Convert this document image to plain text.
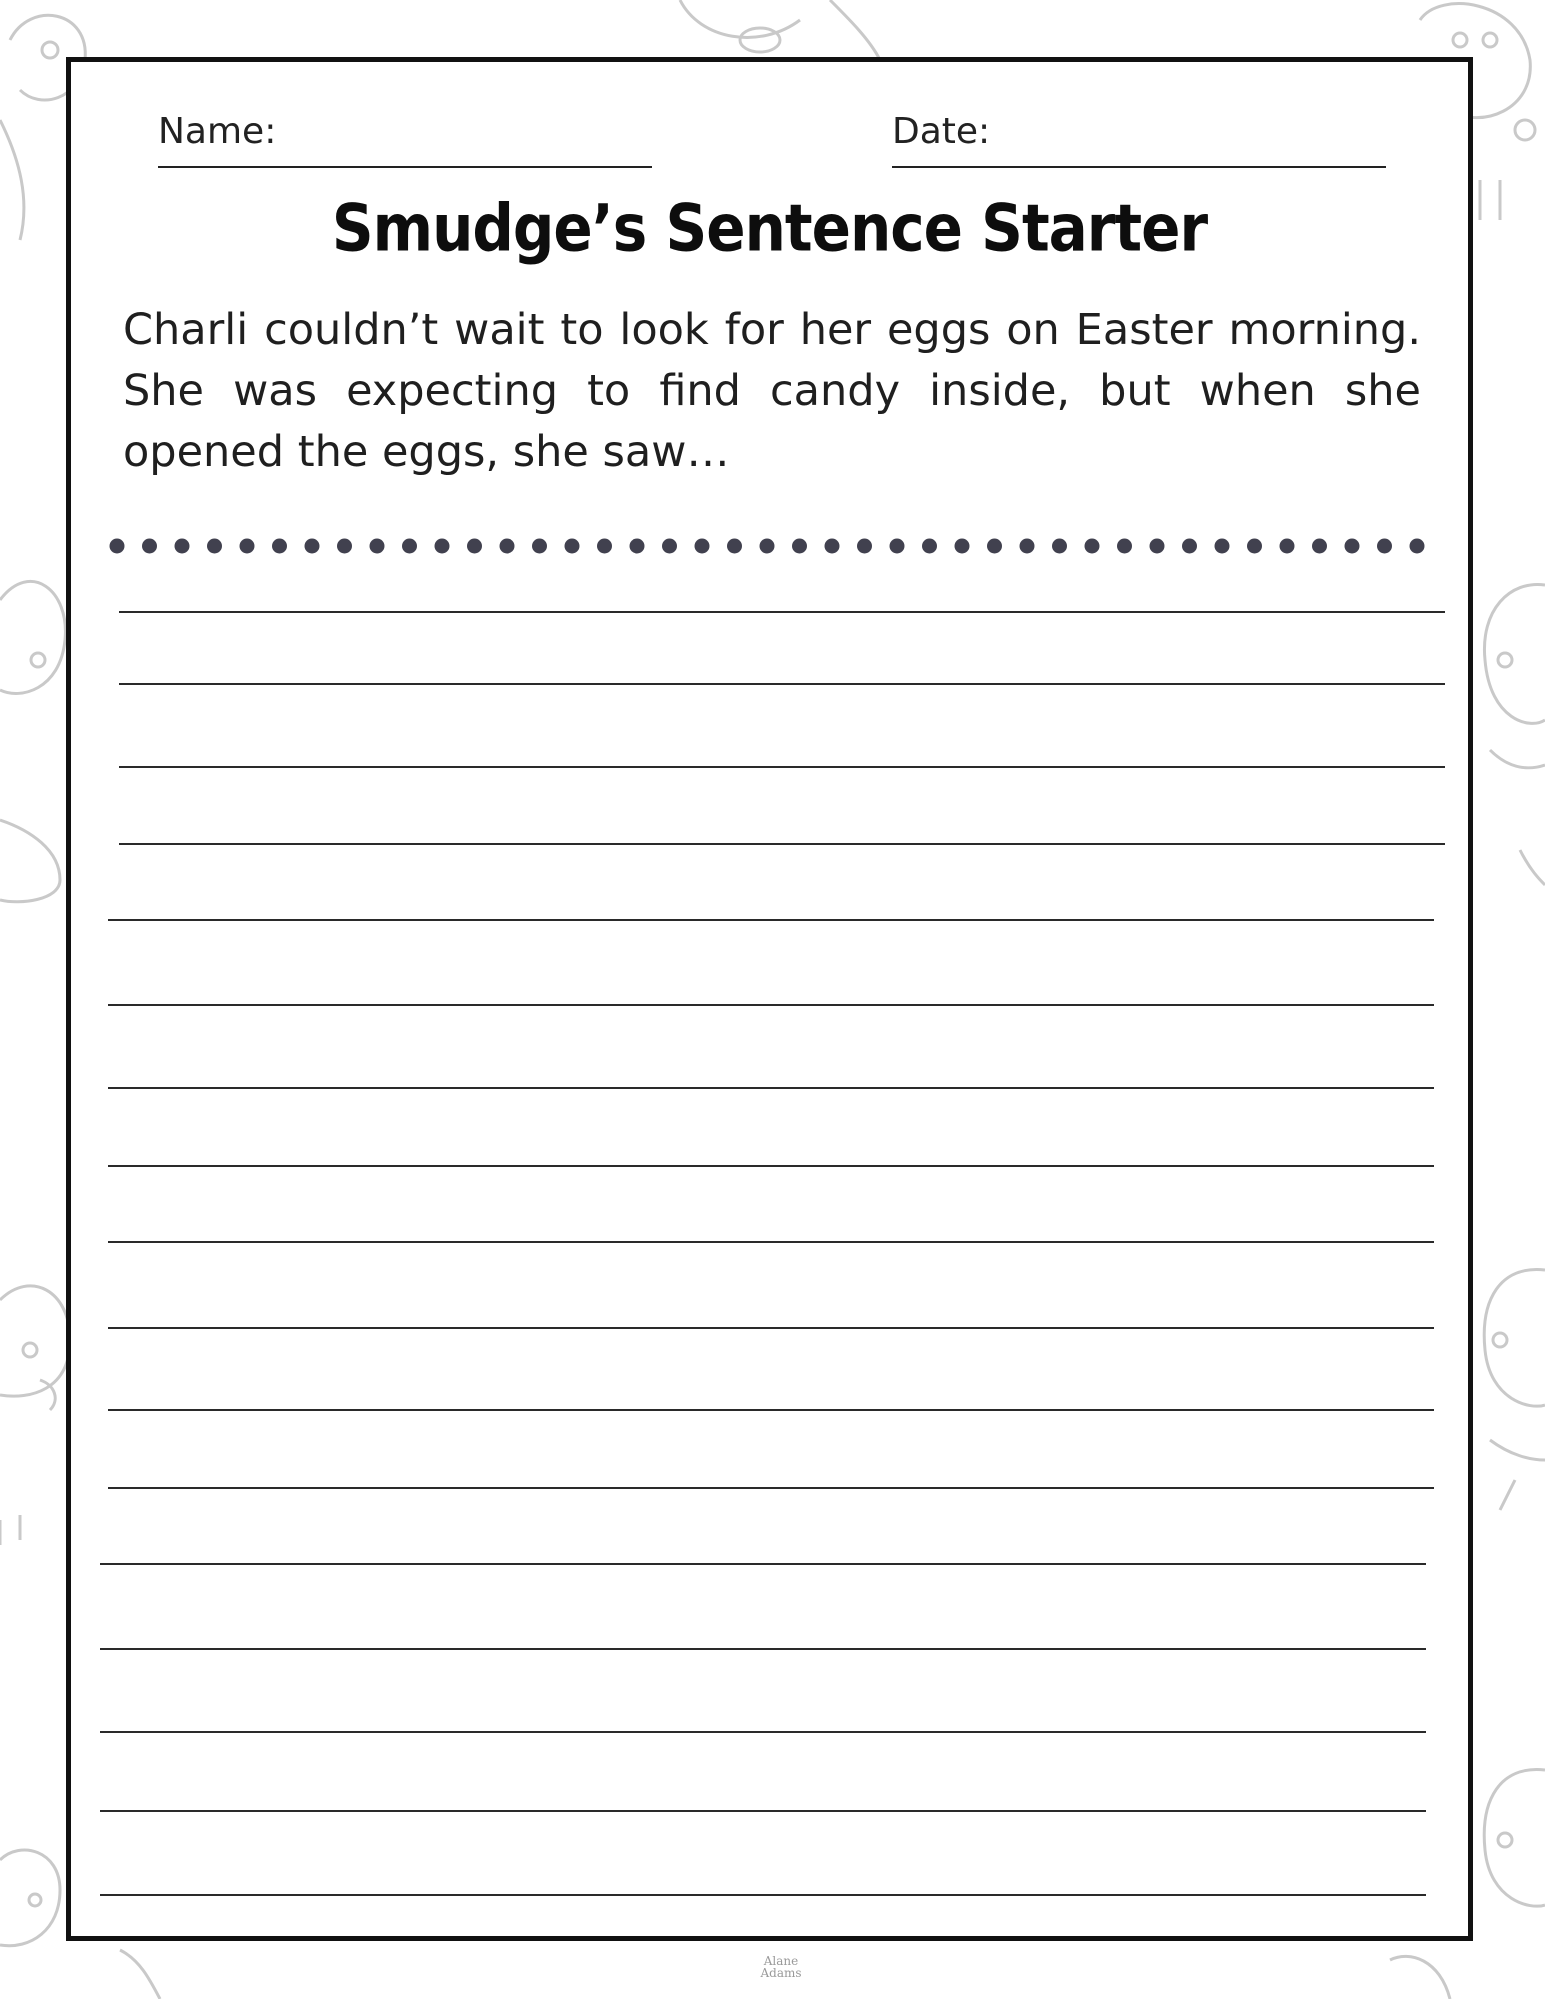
Name:	Date:
Smudge’s Sentence Starter

Charli couldn’t wait to look for her eggs on Easter morning. She was expecting to find candy inside, but when she opened the eggs, she saw…

Alane Adams
